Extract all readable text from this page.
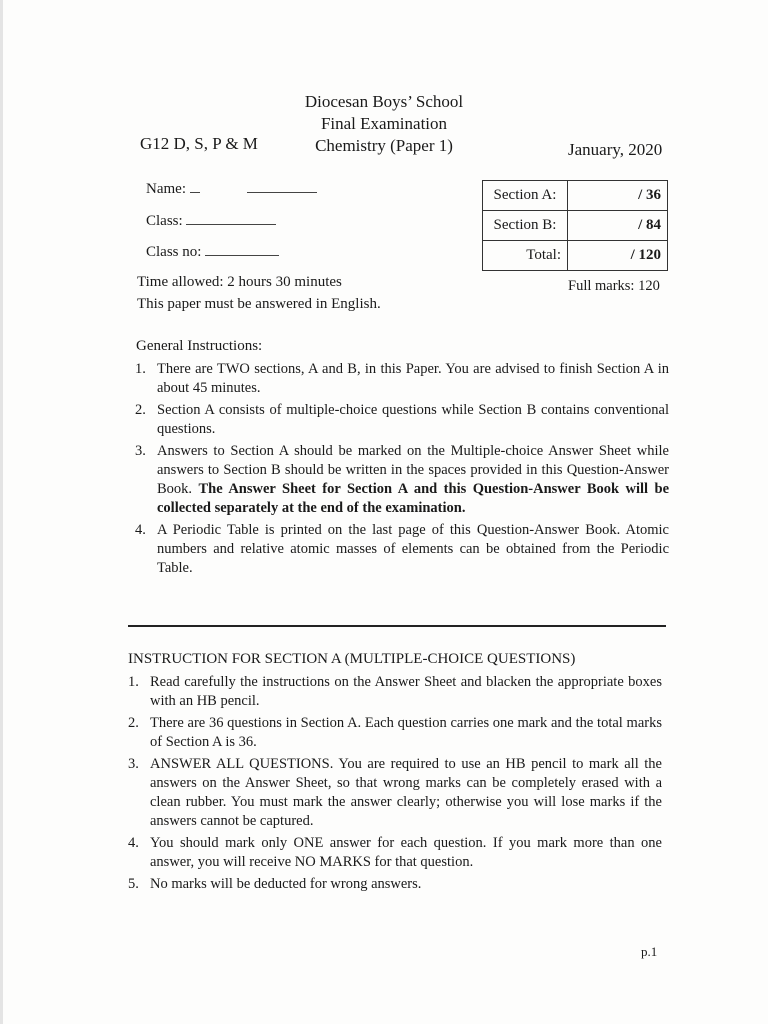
Diocesan Boys’ School
Final Examination
Chemistry (Paper 1)
G12 D, S, P & M	January, 2020
Name:
Class:
Class no:
Section A:	/ 36
Section B:	/ 84
Total:	/ 120
Full marks: 120
Time allowed: 2 hours 30 minutes
This paper must be answered in English.
General Instructions:
1. There are TWO sections, A and B, in this Paper. You are advised to finish Section A in about 45 minutes.
2. Section A consists of multiple-choice questions while Section B contains conventional questions.
3. Answers to Section A should be marked on the Multiple-choice Answer Sheet while answers to Section B should be written in the spaces provided in this Question-Answer Book. The Answer Sheet for Section A and this Question-Answer Book will be collected separately at the end of the examination.
4. A Periodic Table is printed on the last page of this Question-Answer Book. Atomic numbers and relative atomic masses of elements can be obtained from the Periodic Table.
INSTRUCTION FOR SECTION A (MULTIPLE-CHOICE QUESTIONS)
1. Read carefully the instructions on the Answer Sheet and blacken the appropriate boxes with an HB pencil.
2. There are 36 questions in Section A. Each question carries one mark and the total marks of Section A is 36.
3. ANSWER ALL QUESTIONS. You are required to use an HB pencil to mark all the answers on the Answer Sheet, so that wrong marks can be completely erased with a clean rubber. You must mark the answer clearly; otherwise you will lose marks if the answers cannot be captured.
4. You should mark only ONE answer for each question. If you mark more than one answer, you will receive NO MARKS for that question.
5. No marks will be deducted for wrong answers.
p.1
